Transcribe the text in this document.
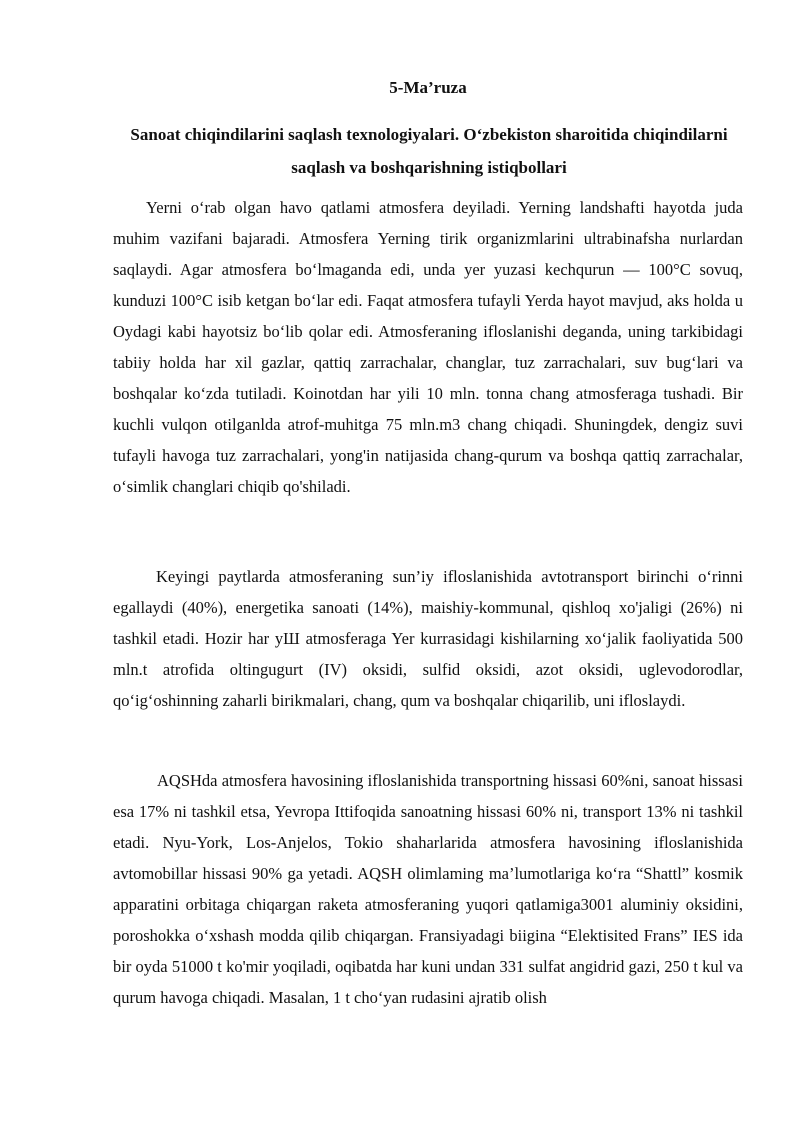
5-Ma’ruza
Sanoat chiqindilarini saqlash texnologiyalari. O‘zbekiston sharoitida chiqindilarni saqlash va boshqarishning istiqbollari

Yerni o‘rab olgan havo qatlami atmosfera deyiladi. Yerning landshafti hayotda juda muhim vazifani bajaradi. Atmosfera Yerning tirik organizmlarini ultrabinafsha nurlardan saqlaydi. Agar atmosfera bo‘lmaganda edi, unda yer yuzasi kechqurun — 100°C sovuq, kunduzi 100°C isib ketgan bo‘lar edi. Faqat atmosfera tufayli Yerda hayot mavjud, aks holda u Oydagi kabi hayotsiz bo‘lib qolar edi. Atmosferaning ifloslanishi deganda, uning tarkibidagi tabiiy holda har xil gazlar, qattiq zarrachalar, changlar, tuz zarrachalari, suv bug‘lari va boshqalar ko‘zda tutiladi. Koinotdan har yili 10 mln. tonna chang atmosferaga tushadi. Bir kuchli vulqon otilganlda atrof-muhitga 75 mln.m3 chang chiqadi. Shuningdek, dengiz suvi tufayli havoga tuz zarrachalari, yong'in natijasida chang-qurum va boshqa qattiq zarrachalar, o‘simlik changlari chiqib qo'shiladi.

Keyingi paytlarda atmosferaning sun’iy ifloslanishida avtotransport birinchi o‘rinni egallaydi (40%), energetika sanoati (14%), maishiy-kommunal, qishloq xo'jaligi (26%) ni tashkil etadi. Hozir har уШ atmosferaga Yer kurrasidagi kishilarning xo‘jalik faoliyatida 500 mln.t atrofida oltingugurt (IV) oksidi, sulfid oksidi, azot oksidi, uglevodorodlar, qo‘ig‘oshinning zaharli birikmalari, chang, qum va boshqalar chiqarilib, uni ifloslaydi.

AQSHda atmosfera havosining ifloslanishida transportning hissasi 60%ni, sanoat hissasi esa 17% ni tashkil etsa, Yevropa Ittifoqida sanoatning hissasi 60% ni, transport 13% ni tashkil etadi. Nyu-York, Los-Anjelos, Tokio shaharlarida atmosfera havosining ifloslanishida avtomobillar hissasi 90% ga yetadi. AQSH olimlaming ma’lumotlariga ko‘ra “Shattl” kosmik apparatini orbitaga chiqargan raketa atmosferaning yuqori qatlamiga3001 aluminiy oksidini, poroshokka o‘xshash modda qilib chiqargan. Fransiyadagi biigina “Elektisited Frans” IES ida bir oyda 51000 t ko'mir yoqiladi, oqibatda har kuni undan 331 sulfat angidrid gazi, 250 t kul va qurum havoga chiqadi. Masalan, 1 t cho‘yan rudasini ajratib olish
